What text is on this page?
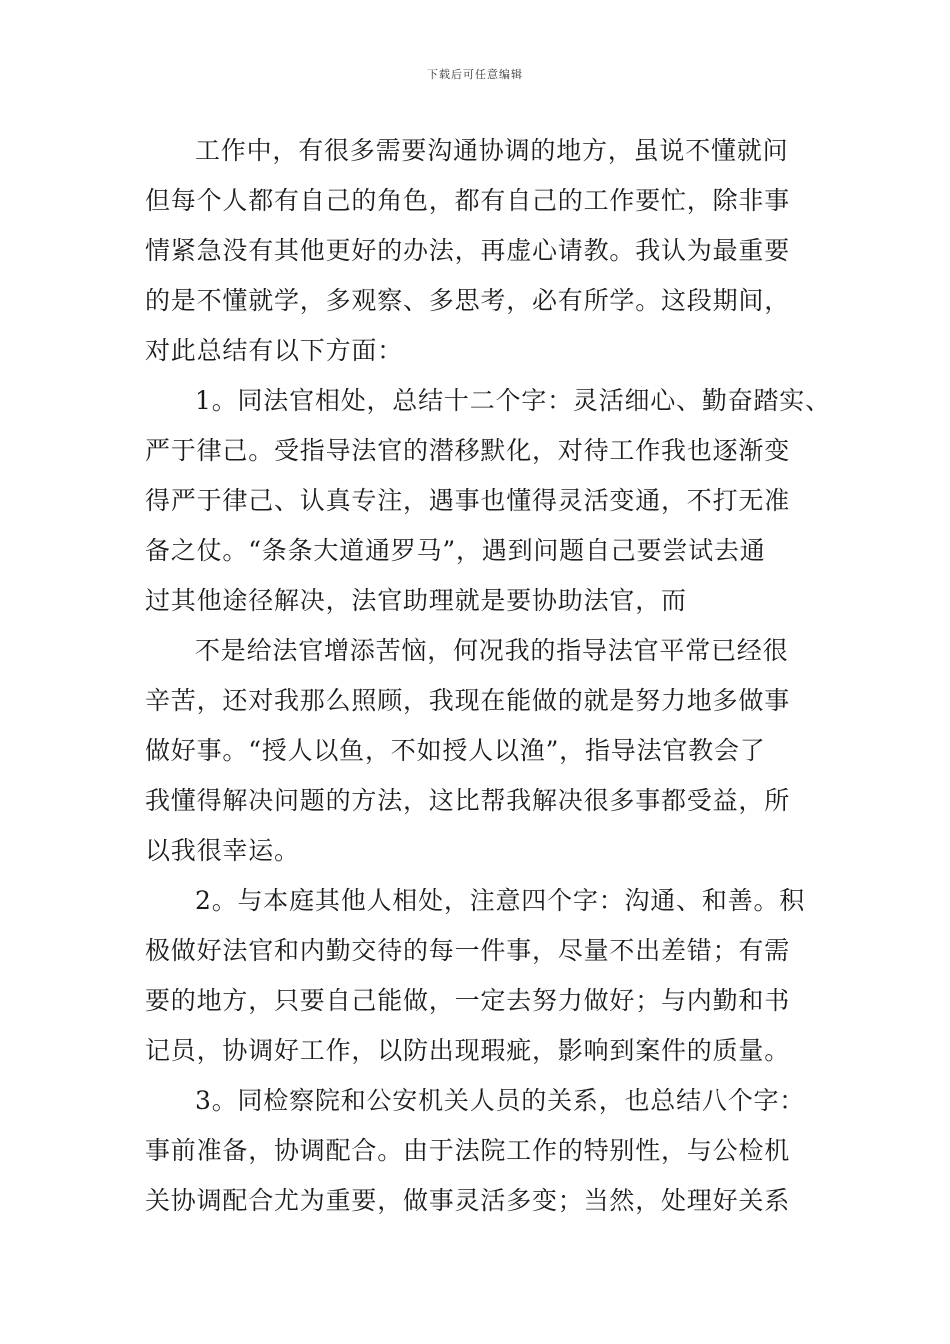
下载后可任意编辑
工作中，有很多需要沟通协调的地方，虽说不懂就问
但每个人都有自己的角色，都有自己的工作要忙，除非事
情紧急没有其他更好的办法，再虚心请教。我认为最重要
的是不懂就学，多观察、多思考，必有所学。这段期间，
对此总结有以下方面：
1。同法官相处，总结十二个字：灵活细心、勤奋踏实、
严于律己。受指导法官的潜移默化，对待工作我也逐渐变
得严于律己、认真专注，遇事也懂得灵活变通，不打无准
备之仗。“条条大道通罗马”，遇到问题自己要尝试去通
过其他途径解决，法官助理就是要协助法官，而
不是给法官增添苦恼，何况我的指导法官平常已经很
辛苦，还对我那么照顾，我现在能做的就是努力地多做事
做好事。“授人以鱼，不如授人以渔”，指导法官教会了
我懂得解决问题的方法，这比帮我解决很多事都受益，所
以我很幸运。
2。与本庭其他人相处，注意四个字：沟通、和善。积
极做好法官和内勤交待的每一件事，尽量不出差错；有需
要的地方，只要自己能做，一定去努力做好；与内勤和书
记员，协调好工作，以防出现瑕疵，影响到案件的质量。
3。同检察院和公安机关人员的关系，也总结八个字：
事前准备，协调配合。由于法院工作的特别性，与公检机
关协调配合尤为重要，做事灵活多变；当然，处理好关系
